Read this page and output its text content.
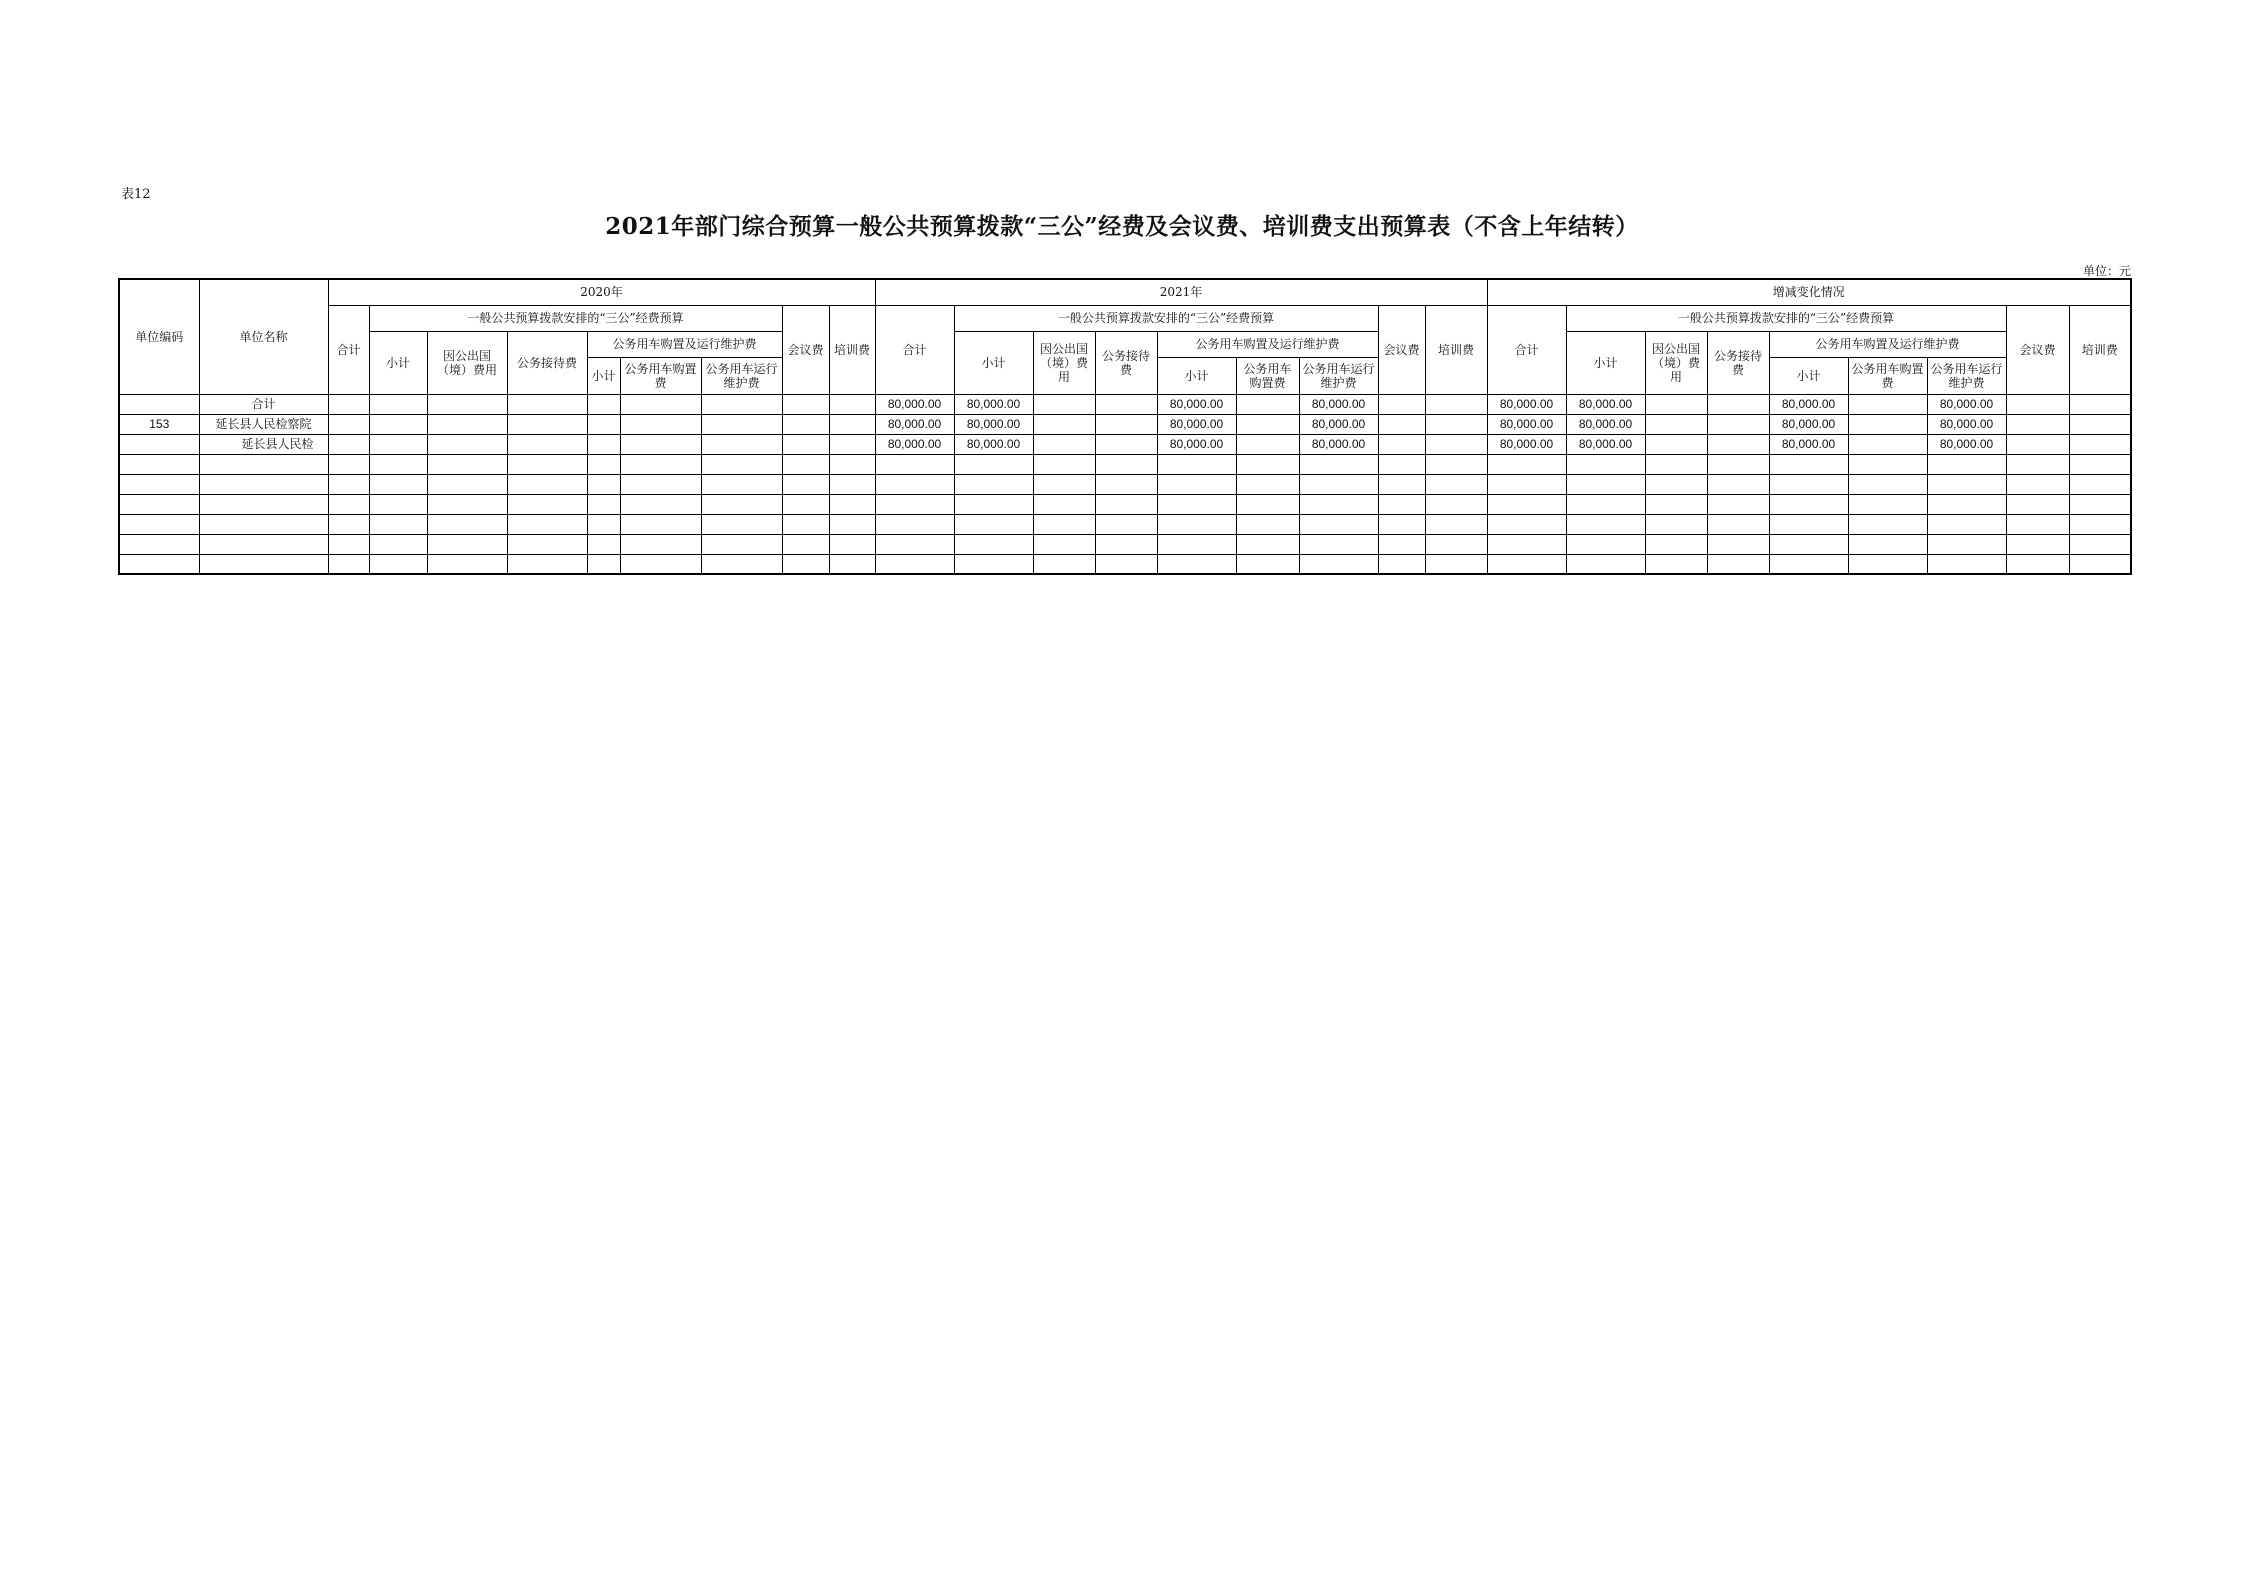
表12
2021年部门综合预算一般公共预算拨款“三公”经费及会议费、培训费支出预算表（不含上年结转）
单位：元
单位编码	单位名称	2020年									2021年									增减变化情况								
		合计	一般公共预算拨款安排的“三公”经费预算						会议费	培训费	合计	一般公共预算拨款安排的“三公”经费预算						会议费	培训费	合计	一般公共预算拨款安排的“三公”经费预算						会议费	培训费
			小计	因公出国（境）费用	公务接待费	公务用车购置及运行维护费						小计	因公出国（境）费用	公务接待费	公务用车购置及运行维护费						小计	因公出国（境）费用	公务接待费	公务用车购置及运行维护费				
						小计	公务用车购置费	公务用车运行维护费							小计	公务用车购置费	公务用车运行维护费							小计	公务用车购置费	公务用车运行维护费		
	合计										80,000.00	80,000.00			80,000.00		80,000.00			80,000.00	80,000.00			80,000.00		80,000.00		
153	延长县人民检察院										80,000.00	80,000.00			80,000.00		80,000.00			80,000.00	80,000.00			80,000.00		80,000.00		
	延长县人民检										80,000.00	80,000.00			80,000.00		80,000.00			80,000.00	80,000.00			80,000.00		80,000.00		
